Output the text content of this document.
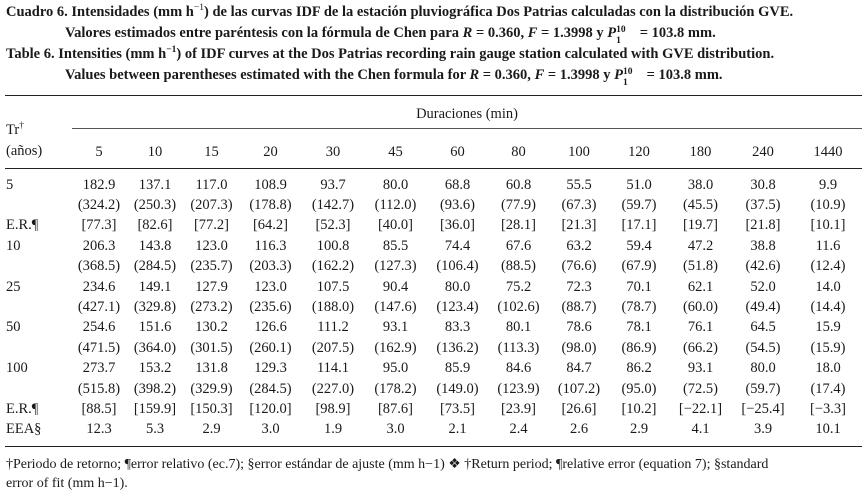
Cuadro 6. Intensidades (mm $h^{-1}$) de las curvas IDF de la estación pluviográfica Dos Patrias calculadas con la distribución GVE.
Valores estimados entre paréntesis con la fórmula de Chen para R = 0.360, F = 1.3998 y P 10
1 = 103.8 mm.
Table 6. Intensities (mm $h^{-1}$) of IDF curves at the Dos Patrias recording rain gauge station calculated with GVE distribution.
Values between parentheses estimated with the Chen formula for R = 0.360, F = 1.3998 y P 10
1 = 103.8 mm.
Tr†
(años)
Duraciones (min)
	5	10	15	20	30	45	60	80	100	120	180	240	1440
5	182.9	137.1	117.0	108.9	93.7	80.0	68.8	60.8	55.5	51.0	38.0	30.8	9.9
	(324.2)	(250.3)	(207.3)	(178.8)	(142.7)	(112.0)	(93.6)	(77.9)	(67.3)	(59.7)	(45.5)	(37.5)	(10.9)
E.R.¶	[77.3]	[82.6]	[77.2]	[64.2]	[52.3]	[40.0]	[36.0]	[28.1]	[21.3]	[17.1]	[19.7]	[21.8]	[10.1]
10	206.3	143.8	123.0	116.3	100.8	85.5	74.4	67.6	63.2	59.4	47.2	38.8	11.6
	(368.5)	(284.5)	(235.7)	(203.3)	(162.2)	(127.3)	(106.4)	(88.5)	(76.6)	(67.9)	(51.8)	(42.6)	(12.4)
25	234.6	149.1	127.9	123.0	107.5	90.4	80.0	75.2	72.3	70.1	62.1	52.0	14.0
	(427.1)	(329.8)	(273.2)	(235.6)	(188.0)	(147.6)	(123.4)	(102.6)	(88.7)	(78.7)	(60.0)	(49.4)	(14.4)
50	254.6	151.6	130.2	126.6	111.2	93.1	83.3	80.1	78.6	78.1	76.1	64.5	15.9
	(471.5)	(364.0)	(301.5)	(260.1)	(207.5)	(162.9)	(136.2)	(113.3)	(98.0)	(86.9)	(66.2)	(54.5)	(15.9)
100	273.7	153.2	131.8	129.3	114.1	95.0	85.9	84.6	84.7	86.2	93.1	80.0	18.0
	(515.8)	(398.2)	(329.9)	(284.5)	(227.0)	(178.2)	(149.0)	(123.9)	(107.2)	(95.0)	(72.5)	(59.7)	(17.4)
E.R.¶	[88.5]	[159.9]	[150.3]	[120.0]	[98.9]	[87.6]	[73.5]	[23.9]	[26.6]	[10.2]	[−22.1]	[−25.4]	[−3.3]
EEA§	12.3	5.3	2.9	3.0	1.9	3.0	2.1	2.4	2.6	2.9	4.1	3.9	10.1
†Periodo de retorno; ¶error relativo (ec.7); §error estándar de ajuste (mm h−1) ❖ †Return period; ¶relative error (equation 7); §standard
error of fit (mm h−1).
